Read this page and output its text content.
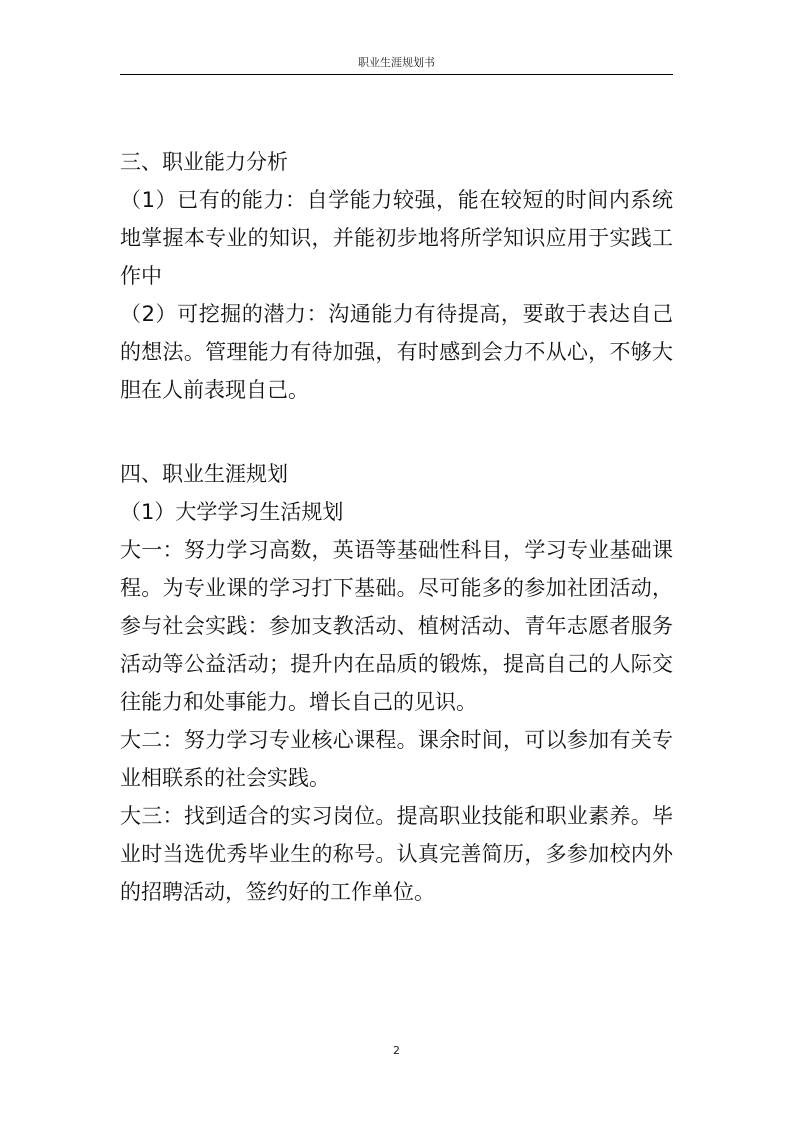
职业生涯规划书

三、职业能力分析

（1）已有的能力：自学能力较强，能在较短的时间内系统地掌握本专业的知识，并能初步地将所学知识应用于实践工作中

（2）可挖掘的潜力：沟通能力有待提高，要敢于表达自己的想法。管理能力有待加强，有时感到会力不从心，不够大胆在人前表现自己。

四、职业生涯规划

（1）大学学习生活规划

大一：努力学习高数，英语等基础性科目，学习专业基础课程。为专业课的学习打下基础。尽可能多的参加社团活动，参与社会实践：参加支教活动、植树活动、青年志愿者服务活动等公益活动；提升内在品质的锻炼，提高自己的人际交往能力和处事能力。增长自己的见识。

大二：努力学习专业核心课程。课余时间，可以参加有关专业相联系的社会实践。

大三：找到适合的实习岗位。提高职业技能和职业素养。毕业时当选优秀毕业生的称号。认真完善简历，多参加校内外的招聘活动，签约好的工作单位。

2
